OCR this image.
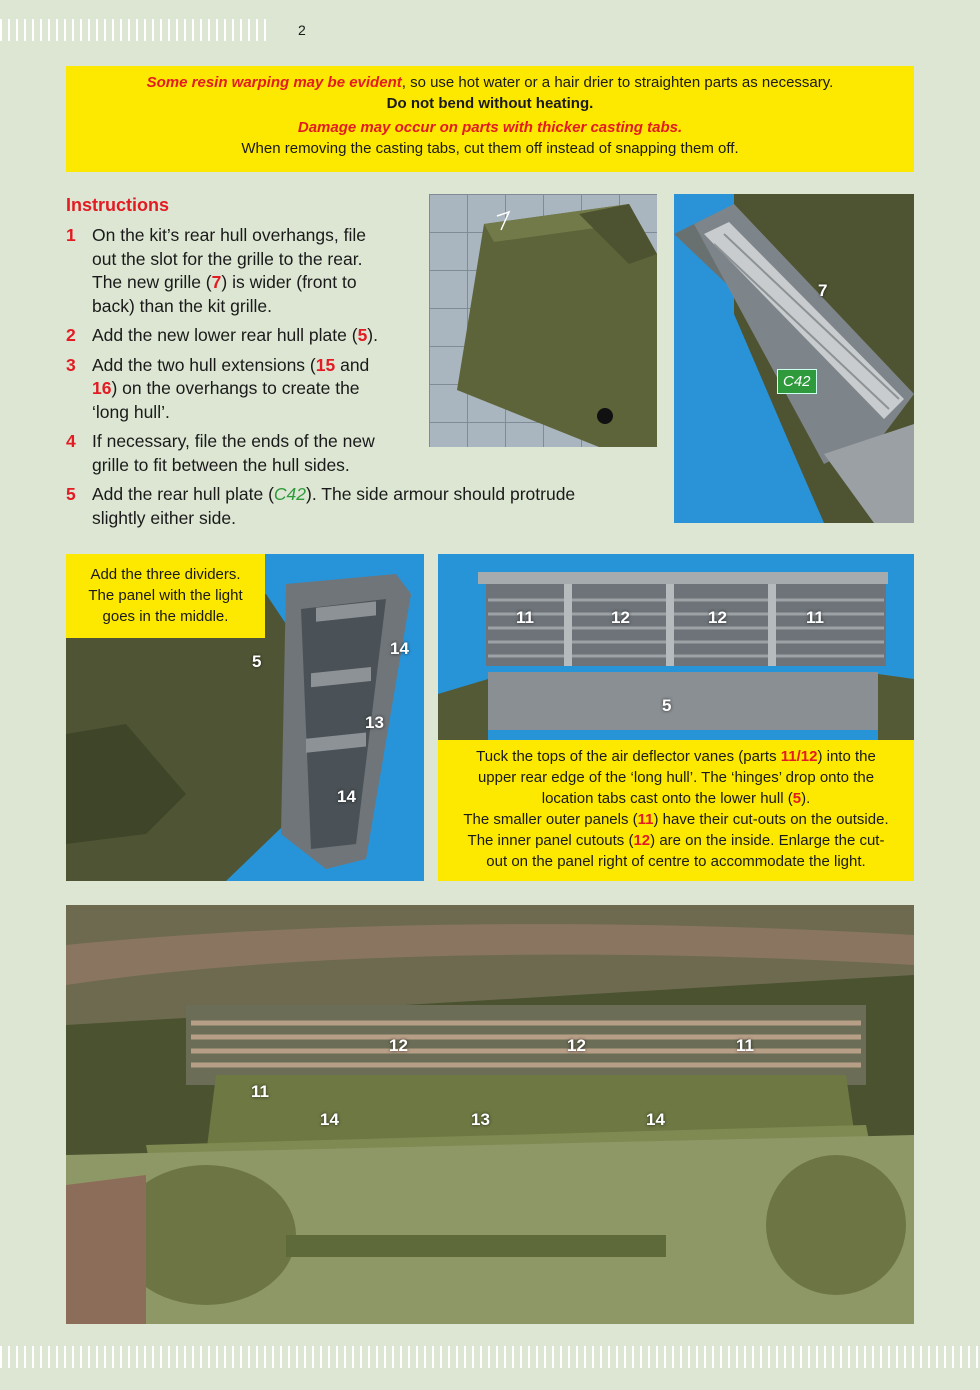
2

Some resin warping may be evident, so use hot water or a hair drier to straighten parts as necessary.

Do not bend without heating.

Damage may occur on parts with thicker casting tabs.

When removing the casting tabs, cut them off instead of snapping them off.

Instructions
1 On the kit’s rear hull overhangs, file
out the slot for the grille to the rear.
The new grille (7) is wider (front to
back) than the kit grille.
2 Add the new lower rear hull plate (5).
3 Add the two hull extensions (15 and
16) on the overhangs to create the
‘long hull’.
4 If necessary, file the ends of the new
grille to fit between the hull sides.
5 Add the rear hull plate (C42). The side armour should protrude
slightly either side.
7
C42

Add the three dividers.

The panel with the light

goes in the middle.

5
14
13
14
11	12	12	11
5

Tuck the tops of the air deflector vanes (parts 11/12) into the

upper rear edge of the ‘long hull’. The ‘hinges’ drop onto the

location tabs cast onto the lower hull (5).

The smaller outer panels (11) have their cut-outs on the outside.

The inner panel cutouts (12) are on the inside. Enlarge the cut-

out on the panel right of centre to accommodate the light.

12	12	11
11
14	13	14
